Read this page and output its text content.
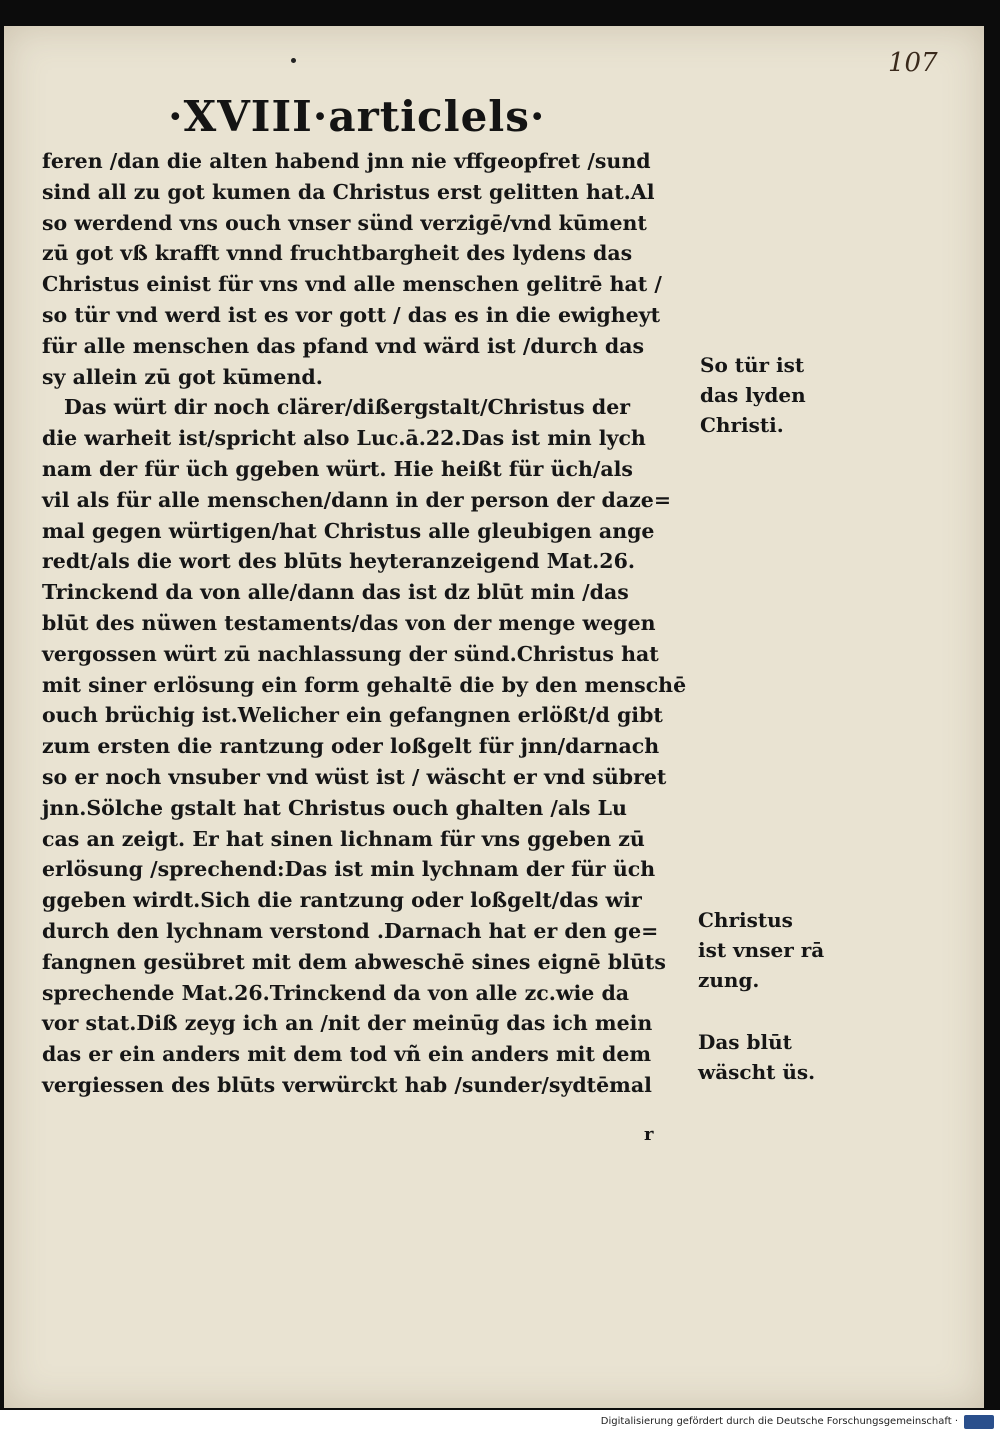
107
·XVIII·articlels·
feren /dan die alten habend jnn nie vffgeopfret /sund
sind all zu got kumen da Christus erst gelitten hat.Al
so werdend vns ouch vnser sünd verzigē/vnd kūment
zū got vß krafft vnnd fruchtbargheit des lydens das
Christus einist für vns vnd alle menschen gelitrē hat /
so tür vnd werd ist es vor gott / das es in die ewigheyt
für alle menschen das pfand vnd wärd ist /durch das
sy allein zū got kūmend.
Das würt dir noch clärer/dißergstalt/Christus der
die warheit ist/spricht also Luc.ā.22.Das ist min lych
nam der für üch ggeben würt. Hie heißt für üch/als
vil als für alle menschen/dann in der person der daze=
mal gegen würtigen/hat Christus alle gleubigen ange
redt/als die wort des blūts heyteranzeigend Mat.26.
Trinckend da von alle/dann das ist dz blūt min /das
blūt des nüwen testaments/das von der menge wegen
vergossen würt zū nachlassung der sünd.Christus hat
mit siner erlösung ein form gehaltē die by den menschē
ouch brüchig ist.Welicher ein gefangnen erlößt/d gibt
zum ersten die rantzung oder loßgelt für jnn/darnach
so er noch vnsuber vnd wüst ist / wäscht er vnd sübret
jnn.Sölche gstalt hat Christus ouch ghalten /als Lu
cas an zeigt. Er hat sinen lichnam für vns ggeben zū
erlösung /sprechend:Das ist min lychnam der für üch
ggeben wirdt.Sich die rantzung oder loßgelt/das wir
durch den lychnam verstond .Darnach hat er den ge=
fangnen gesübret mit dem abweschē sines eignē blūts
sprechende Mat.26.Trinckend da von alle zc.wie da
vor stat.Diß zeyg ich an /nit der meinūg das ich mein
das er ein anders mit dem tod vñ ein anders mit dem
vergiessen des blūts verwürckt hab /sunder/sydtēmal
So tür ist
das lyden
Christi.
Christus
ist vnser rā
zung.
Das blūt
wäscht üs.
r
Digitalisierung gefördert durch die Deutsche Forschungsgemeinschaft ·
